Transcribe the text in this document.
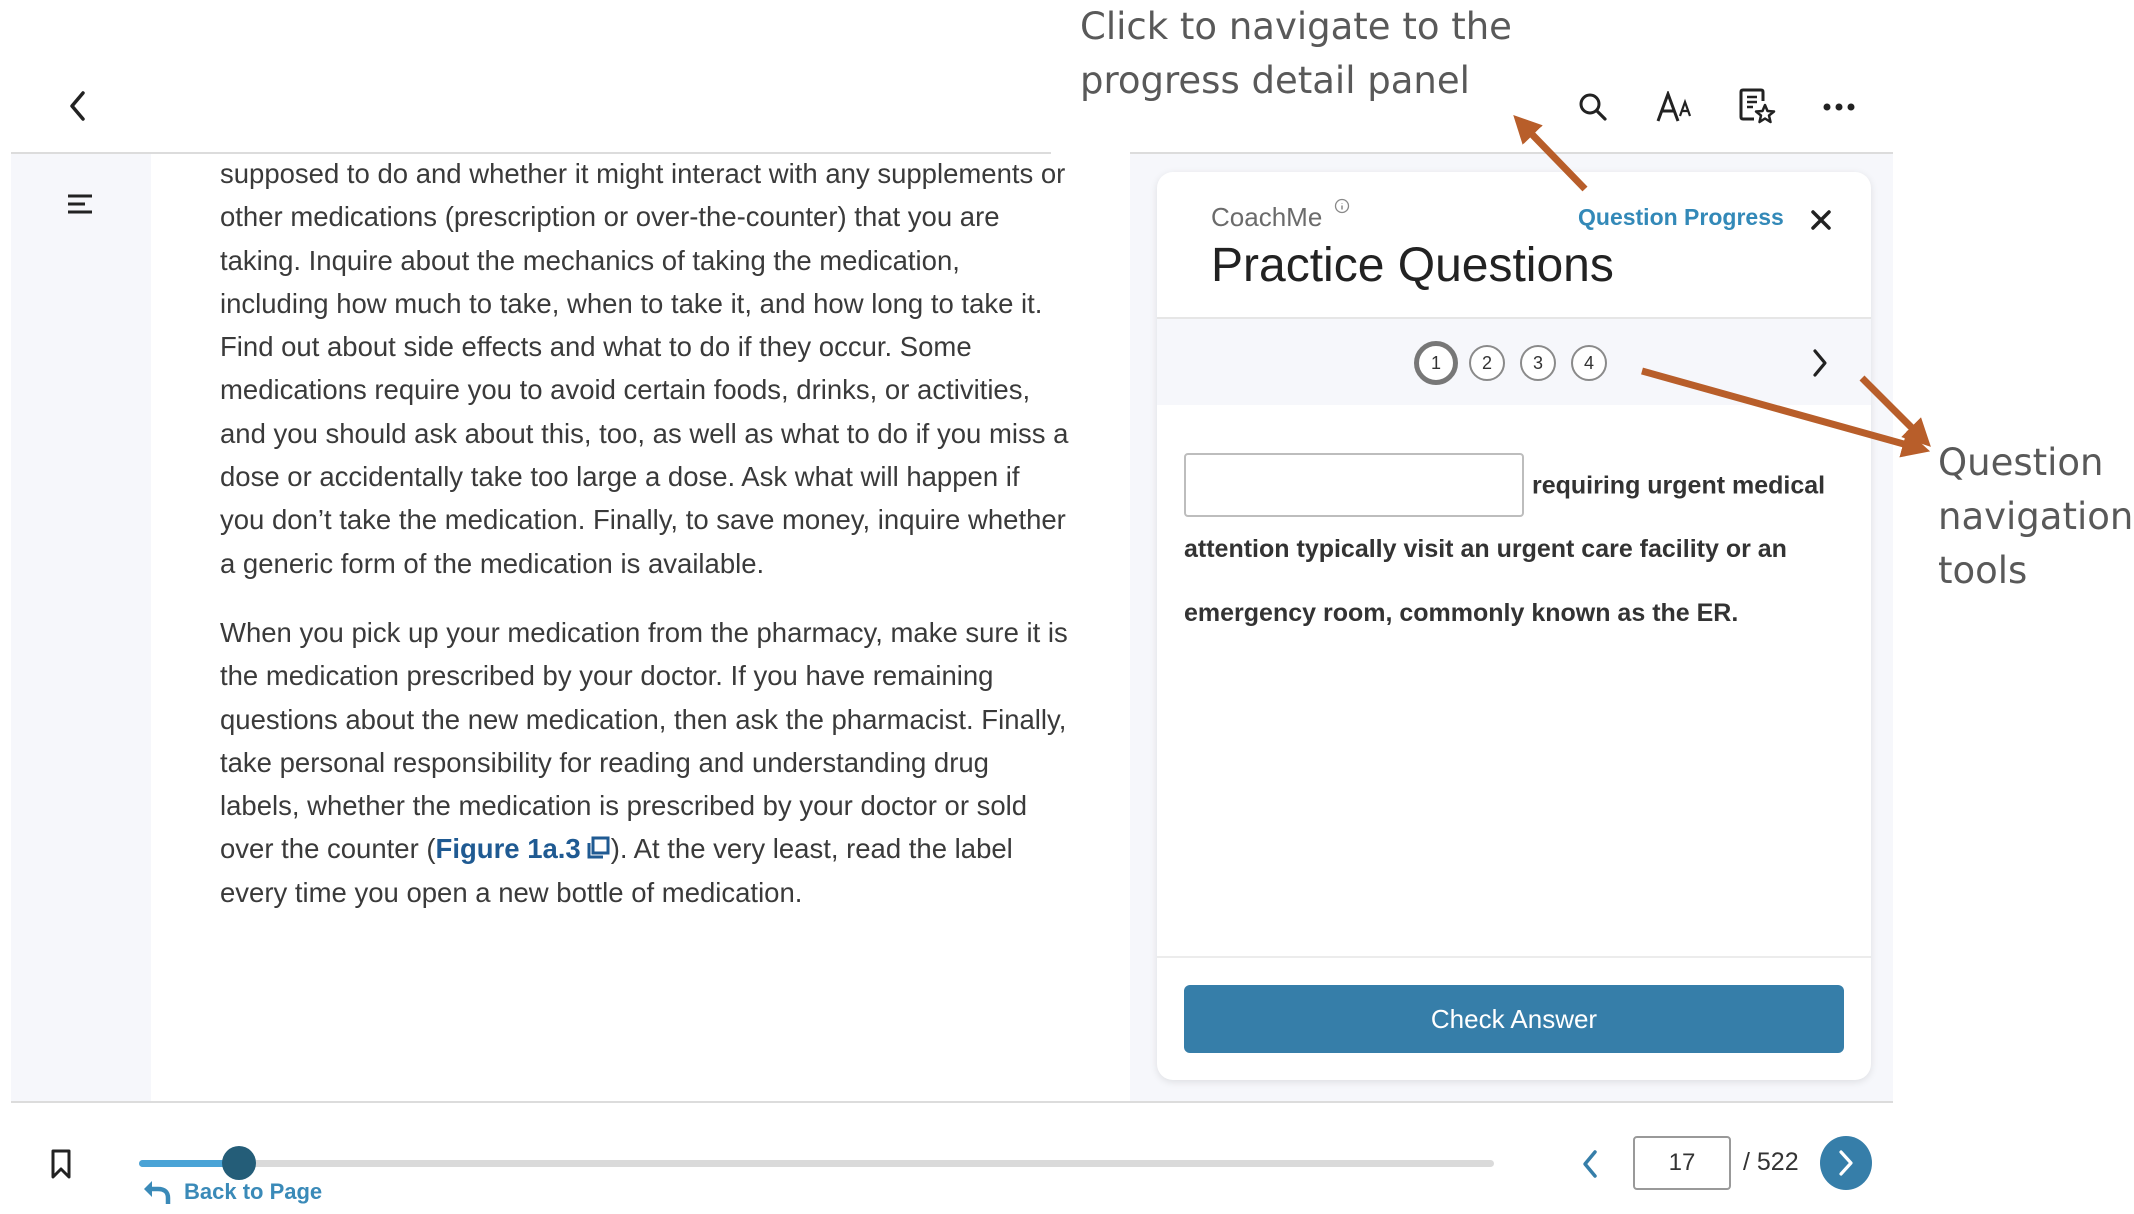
supposed to do and whether it might interact with any supplements or other medications (prescription or over-the-counter) that you are taking. Inquire about the mechanics of taking the medication, including how much to take, when to take it, and how long to take it. Find out about side effects and what to do if they occur. Some medications require you to avoid certain foods, drinks, or activities, and you should ask about this, too, as well as what to do if you miss a dose or accidentally take too large a dose. Ask what will happen if you don’t take the medication. Finally, to save money, inquire whether a generic form of the medication is available.

When you pick up your medication from the pharmacy, make sure it is the medication prescribed by your doctor. If you have remaining questions about the new medication, then ask the pharmacist. Finally, take personal responsibility for reading and understanding drug labels, whether the medication is prescribed by your doctor or sold over the counter (Figure 1a.3 ). At the very least, read the label every time you open a new bottle of medication.

CoachMe	Question Progress
Practice Questions
1	2	3	4
requiring urgent medical
attention typically visit an urgent care facility or an
emergency room, commonly known as the ER.
Check Answer
Back to Page
17
/ 522
Click to navigate to the progress detail panel
Question navigation tools
